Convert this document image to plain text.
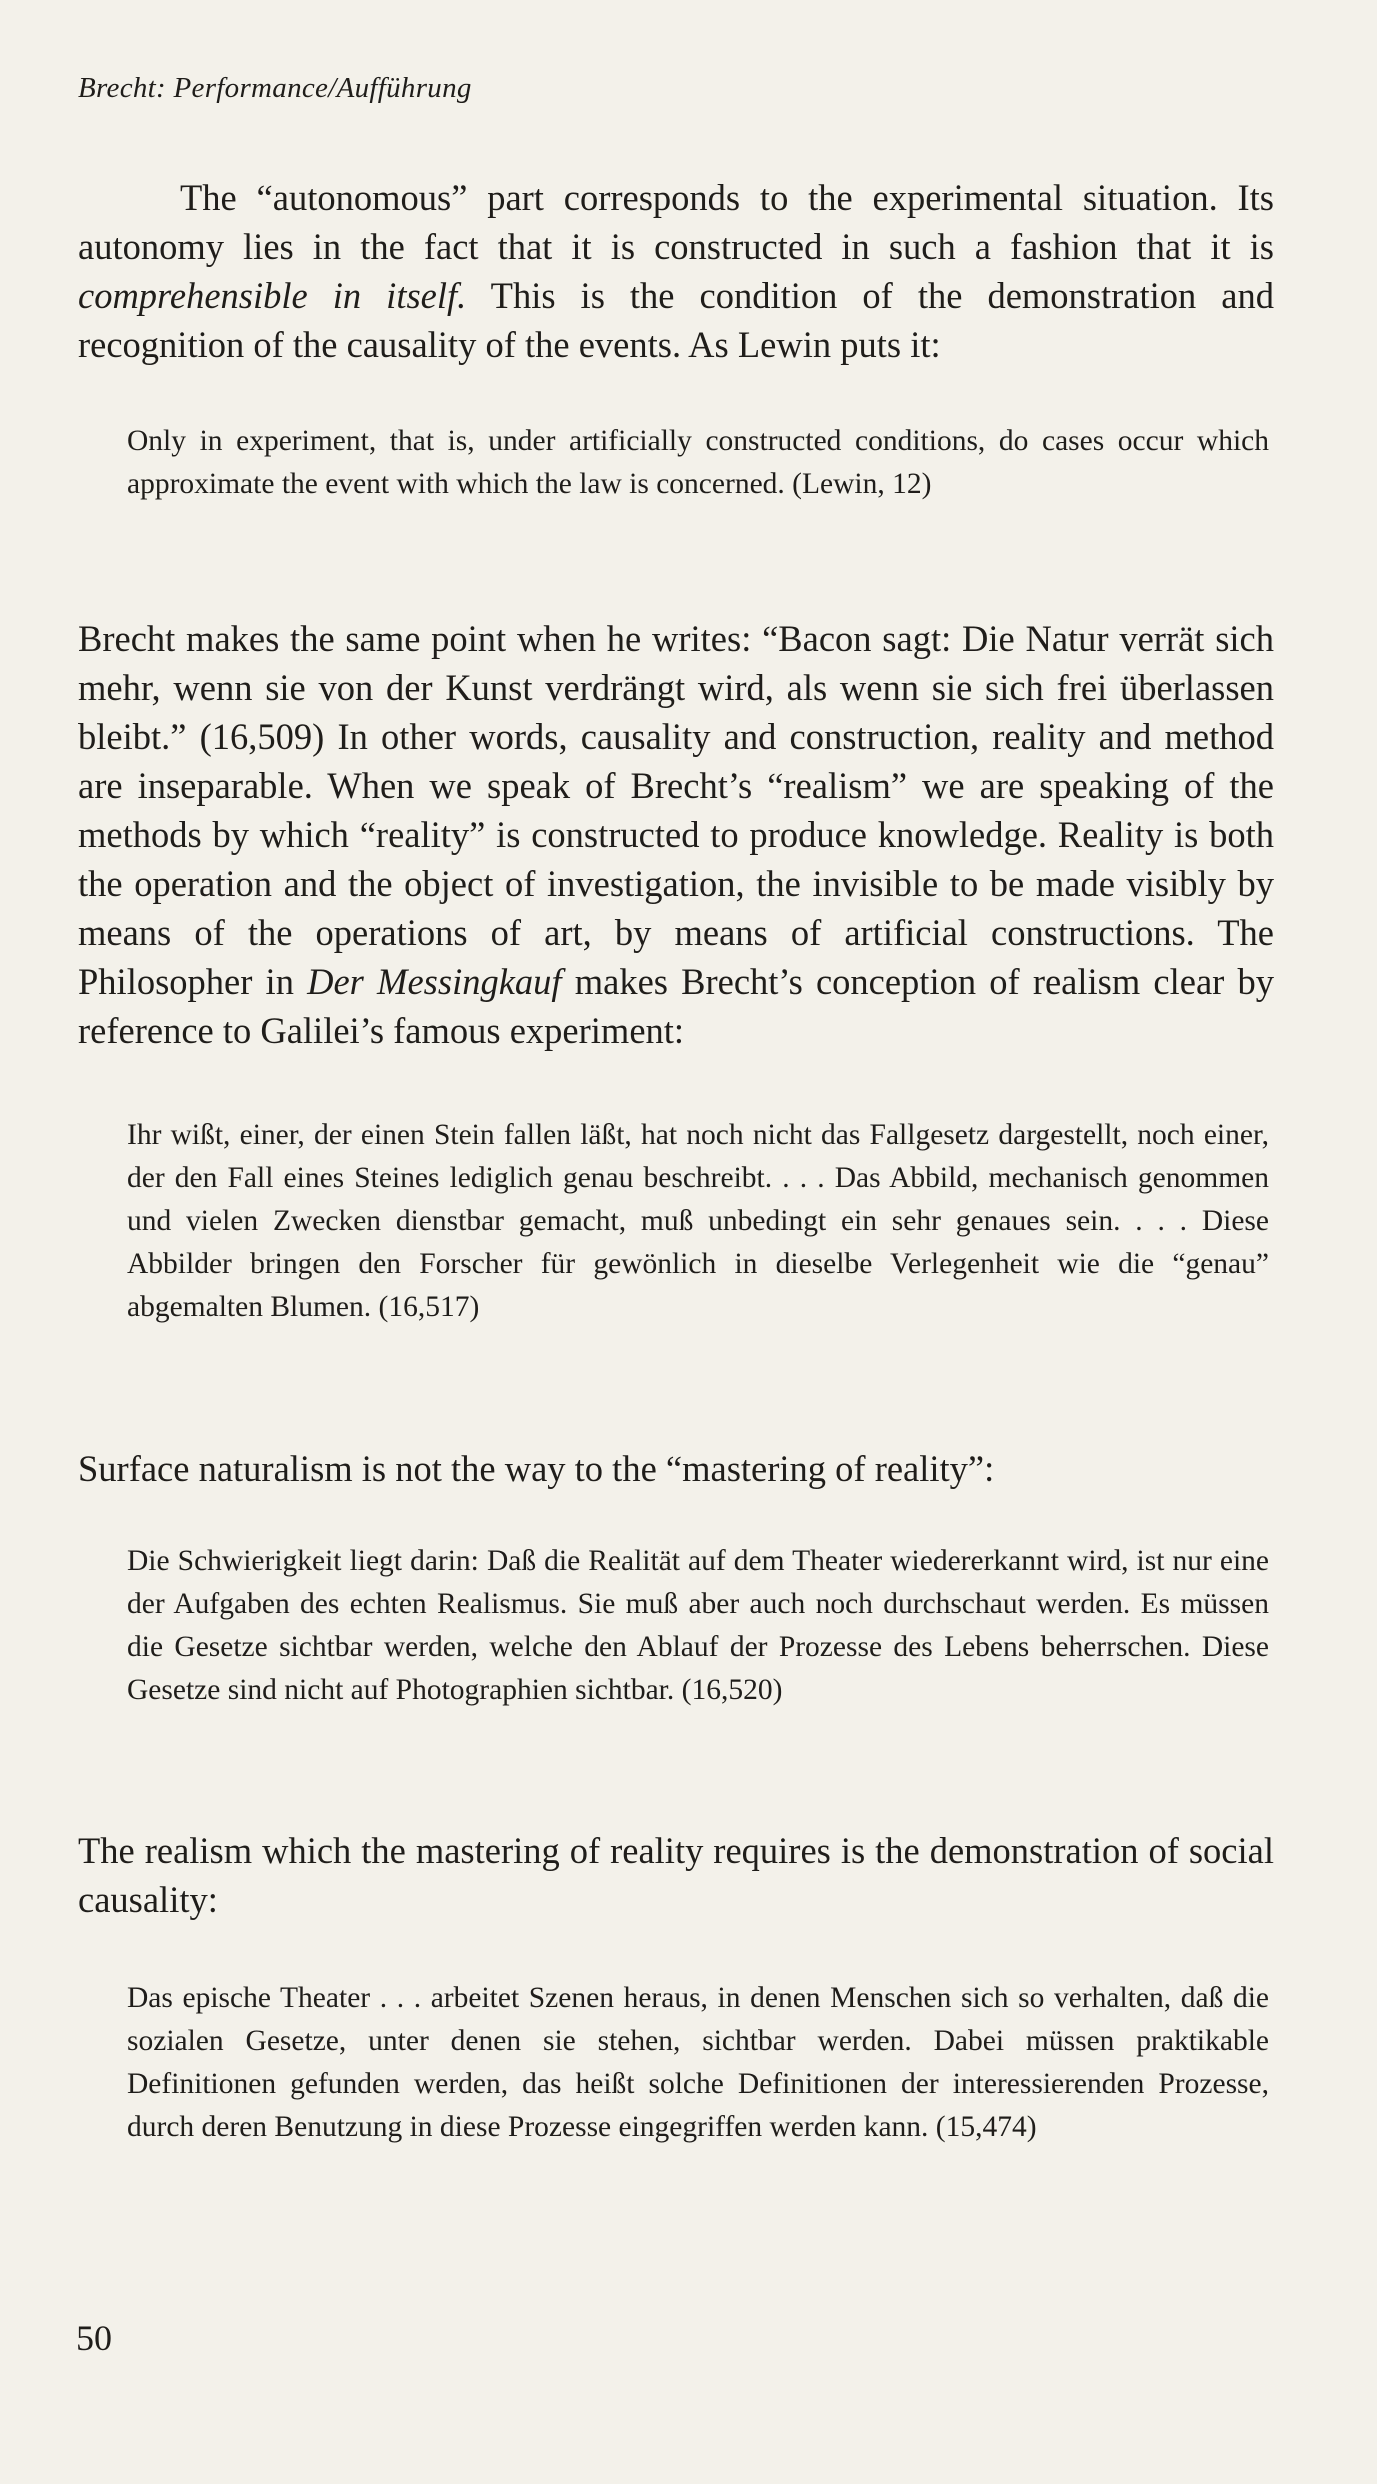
Brecht: Performance/Aufführung

The “autonomous” part corresponds to the experimental situation. Its autonomy lies in the fact that it is constructed in such a fashion that it is comprehensible in itself. This is the condition of the demonstration and recognition of the causality of the events. As Lewin puts it:

Only in experiment, that is, under artificially constructed conditions, do cases occur which approximate the event with which the law is concerned. (Lewin, 12)

Brecht makes the same point when he writes: “Bacon sagt: Die Natur verrät sich mehr, wenn sie von der Kunst verdrängt wird, als wenn sie sich frei überlassen bleibt.” (16,509) In other words, causality and construction, reality and method are inseparable. When we speak of Brecht’s “realism” we are speaking of the methods by which “reality” is constructed to produce knowledge. Reality is both the operation and the object of investigation, the invisible to be made visibly by means of the operations of art, by means of artificial constructions. The Philosopher in Der Messingkauf makes Brecht’s conception of realism clear by reference to Galilei’s famous experiment:

Ihr wißt, einer, der einen Stein fallen läßt, hat noch nicht das Fallgesetz dargestellt, noch einer, der den Fall eines Steines lediglich genau beschreibt. . . . Das Abbild, mechanisch genommen und vielen Zwecken dienstbar gemacht, muß unbedingt ein sehr genaues sein. . . . Diese Abbilder bringen den Forscher für gewönlich in dieselbe Verlegenheit wie die “genau” abgemalten Blumen. (16,517)

Surface naturalism is not the way to the “mastering of reality”:

Die Schwierigkeit liegt darin: Daß die Realität auf dem Theater wiedererkannt wird, ist nur eine der Aufgaben des echten Realismus. Sie muß aber auch noch durchschaut werden. Es müssen die Gesetze sichtbar werden, welche den Ablauf der Prozesse des Lebens beherrschen. Diese Gesetze sind nicht auf Photographien sichtbar. (16,520)

The realism which the mastering of reality requires is the demonstration of social causality:

Das epische Theater . . . arbeitet Szenen heraus, in denen Menschen sich so verhalten, daß die sozialen Gesetze, unter denen sie stehen, sichtbar werden. Dabei müssen praktikable Definitionen gefunden werden, das heißt solche Definitionen der interessierenden Prozesse, durch deren Benutzung in diese Prozesse eingegriffen werden kann. (15,474)

50
